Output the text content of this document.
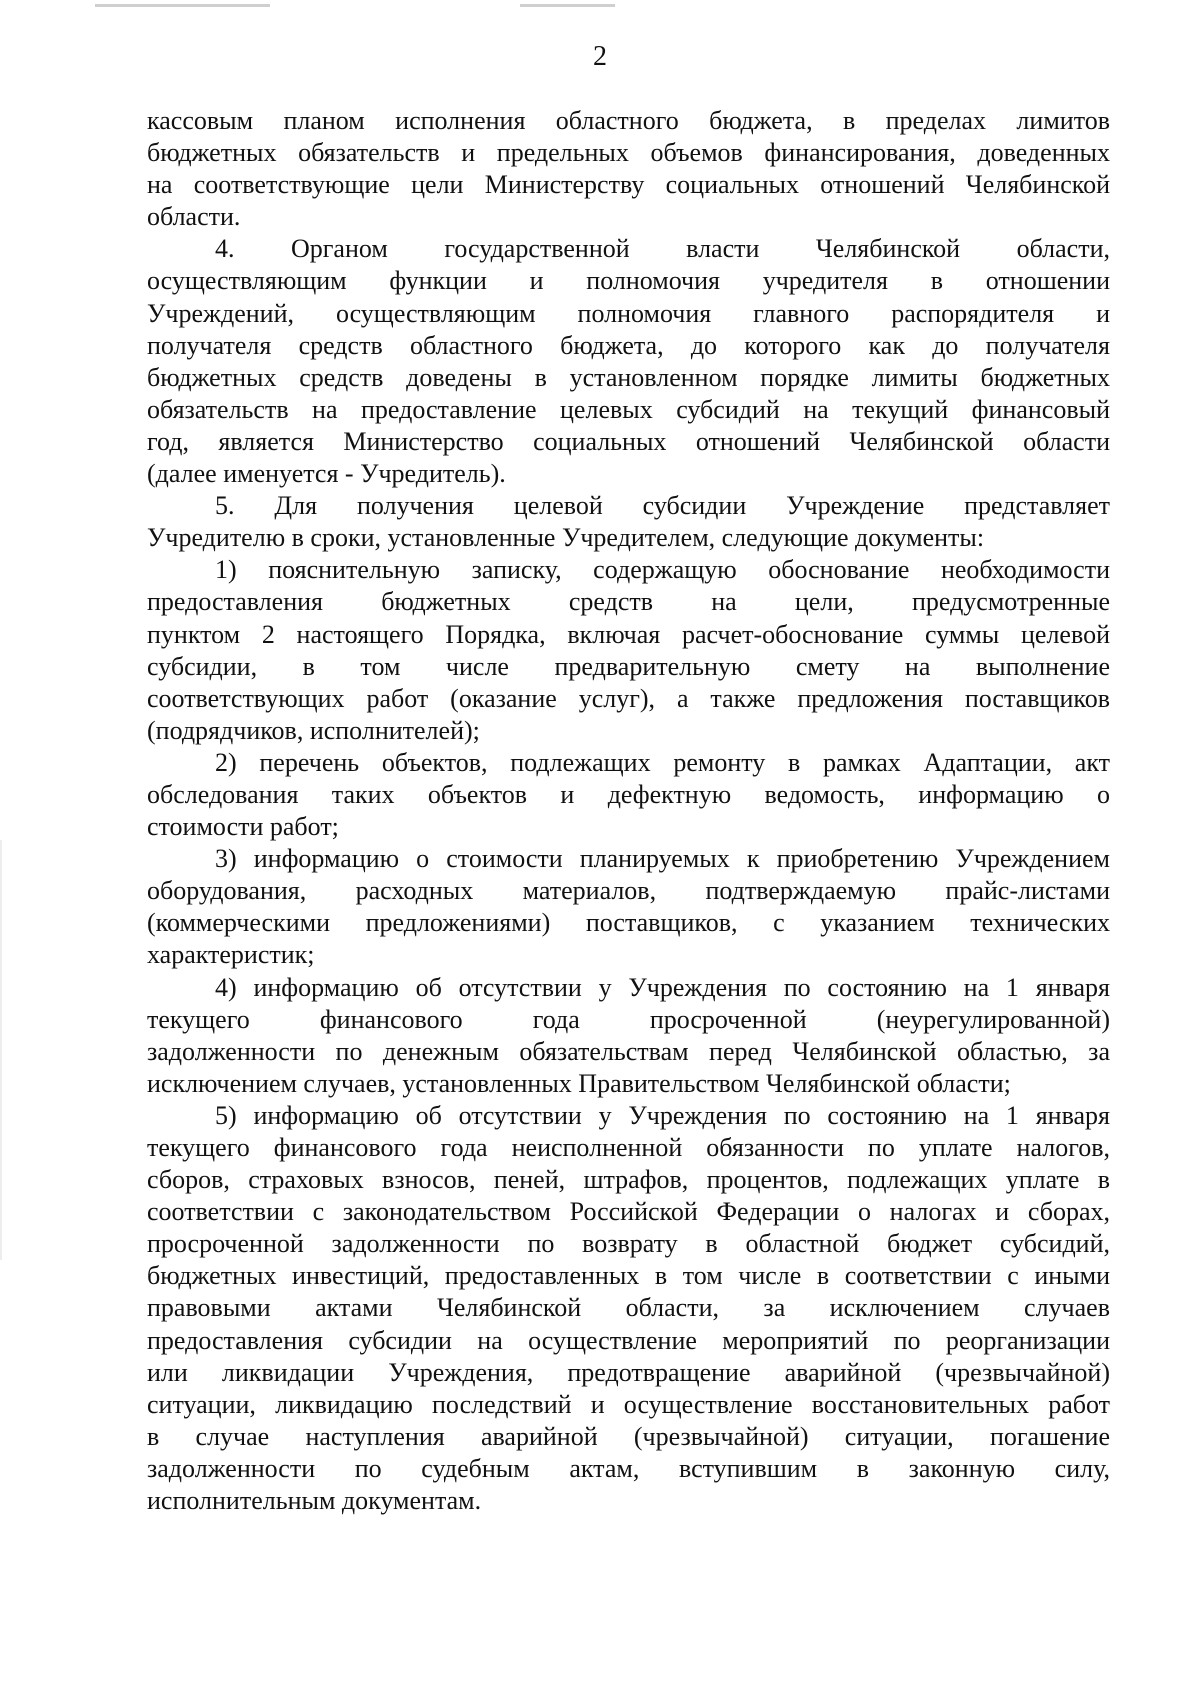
2
кассовым планом исполнения областного бюджета, в пределах лимитов
бюджетных обязательств и предельных объемов финансирования, доведенных
на соответствующие цели Министерству социальных отношений Челябинской
области.
4. Органом государственной власти Челябинской области,
осуществляющим функции и полномочия учредителя в отношении
Учреждений, осуществляющим полномочия главного распорядителя и
получателя средств областного бюджета, до которого как до получателя
бюджетных средств доведены в установленном порядке лимиты бюджетных
обязательств на предоставление целевых субсидий на текущий финансовый
год, является Министерство социальных отношений Челябинской области
(далее именуется - Учредитель).
5. Для получения целевой субсидии Учреждение представляет
Учредителю в сроки, установленные Учредителем, следующие документы:
1) пояснительную записку, содержащую обоснование необходимости
предоставления бюджетных средств на цели, предусмотренные
пунктом 2 настоящего Порядка, включая расчет-обоснование суммы целевой
субсидии, в том числе предварительную смету на выполнение
соответствующих работ (оказание услуг), а также предложения поставщиков
(подрядчиков, исполнителей);
2) перечень объектов, подлежащих ремонту в рамках Адаптации, акт
обследования таких объектов и дефектную ведомость, информацию о
стоимости работ;
3) информацию о стоимости планируемых к приобретению Учреждением
оборудования, расходных материалов, подтверждаемую прайс-листами
(коммерческими предложениями) поставщиков, с указанием технических
характеристик;
4) информацию об отсутствии у Учреждения по состоянию на 1 января
текущего финансового года просроченной (неурегулированной)
задолженности по денежным обязательствам перед Челябинской областью, за
исключением случаев, установленных Правительством Челябинской области;
5) информацию об отсутствии у Учреждения по состоянию на 1 января
текущего финансового года неисполненной обязанности по уплате налогов,
сборов, страховых взносов, пеней, штрафов, процентов, подлежащих уплате в
соответствии с законодательством Российской Федерации о налогах и сборах,
просроченной задолженности по возврату в областной бюджет субсидий,
бюджетных инвестиций, предоставленных в том числе в соответствии с иными
правовыми актами Челябинской области, за исключением случаев
предоставления субсидии на осуществление мероприятий по реорганизации
или ликвидации Учреждения, предотвращение аварийной (чрезвычайной)
ситуации, ликвидацию последствий и осуществление восстановительных работ
в случае наступления аварийной (чрезвычайной) ситуации, погашение
задолженности по судебным актам, вступившим в законную силу,
исполнительным документам.
